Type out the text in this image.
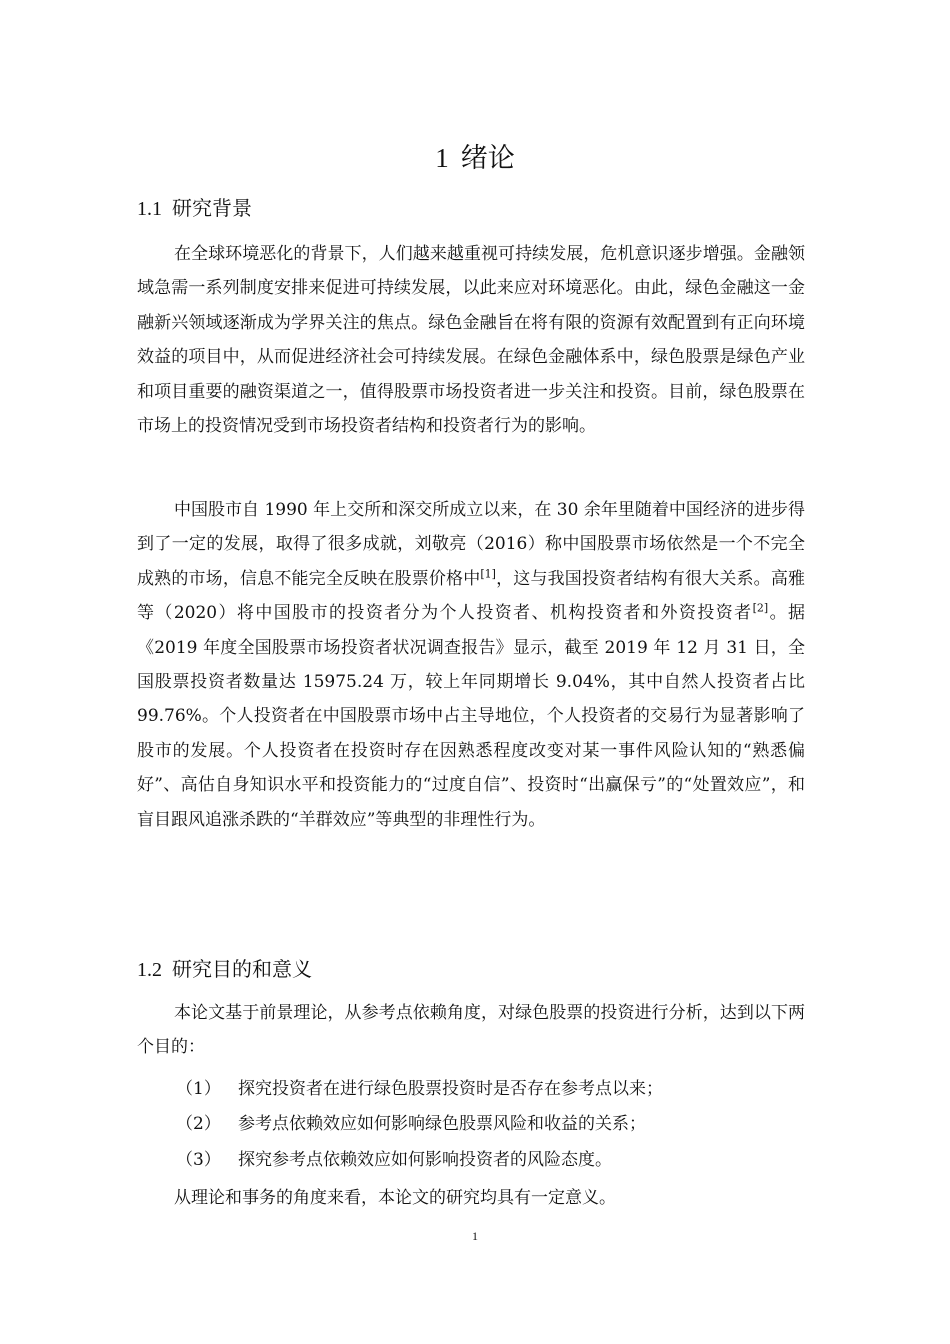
1 绪论
1.1 研究背景

在全球环境恶化的背景下，人们越来越重视可持续发展，危机意识逐步增强。金融领域急需一系列制度安排来促进可持续发展，以此来应对环境恶化。由此，绿色金融这一金融新兴领域逐渐成为学界关注的焦点。绿色金融旨在将有限的资源有效配置到有正向环境效益的项目中，从而促进经济社会可持续发展。在绿色金融体系中，绿色股票是绿色产业和项目重要的融资渠道之一，值得股票市场投资者进一步关注和投资。目前，绿色股票在市场上的投资情况受到市场投资者结构和投资者行为的影响。

中国股市自 1990 年上交所和深交所成立以来，在 30 余年里随着中国经济的进步得到了一定的发展，取得了很多成就，刘敬亮（2016）称中国股票市场依然是一个不完全成熟的市场，信息不能完全反映在股票价格中[1]，这与我国投资者结构有很大关系。高雅等（2020）将中国股市的投资者分为个人投资者、机构投资者和外资投资者[2]。据《2019 年度全国股票市场投资者状况调查报告》显示，截至 2019 年 12 月 31 日，全国股票投资者数量达 15975.24 万，较上年同期增长 9.04%，其中自然人投资者占比 99.76%。个人投资者在中国股票市场中占主导地位，个人投资者的交易行为显著影响了股市的发展。个人投资者在投资时存在因熟悉程度改变对某一事件风险认知的“熟悉偏好”、高估自身知识水平和投资能力的“过度自信”、投资时“出赢保亏”的“处置效应”，和盲目跟风追涨杀跌的“羊群效应”等典型的非理性行为。

1.2 研究目的和意义

本论文基于前景理论，从参考点依赖角度，对绿色股票的投资进行分析，达到以下两个目的：

（1） 探究投资者在进行绿色股票投资时是否存在参考点以来；

（2） 参考点依赖效应如何影响绿色股票风险和收益的关系；

（3） 探究参考点依赖效应如何影响投资者的风险态度。

从理论和事务的角度来看，本论文的研究均具有一定意义。

1
